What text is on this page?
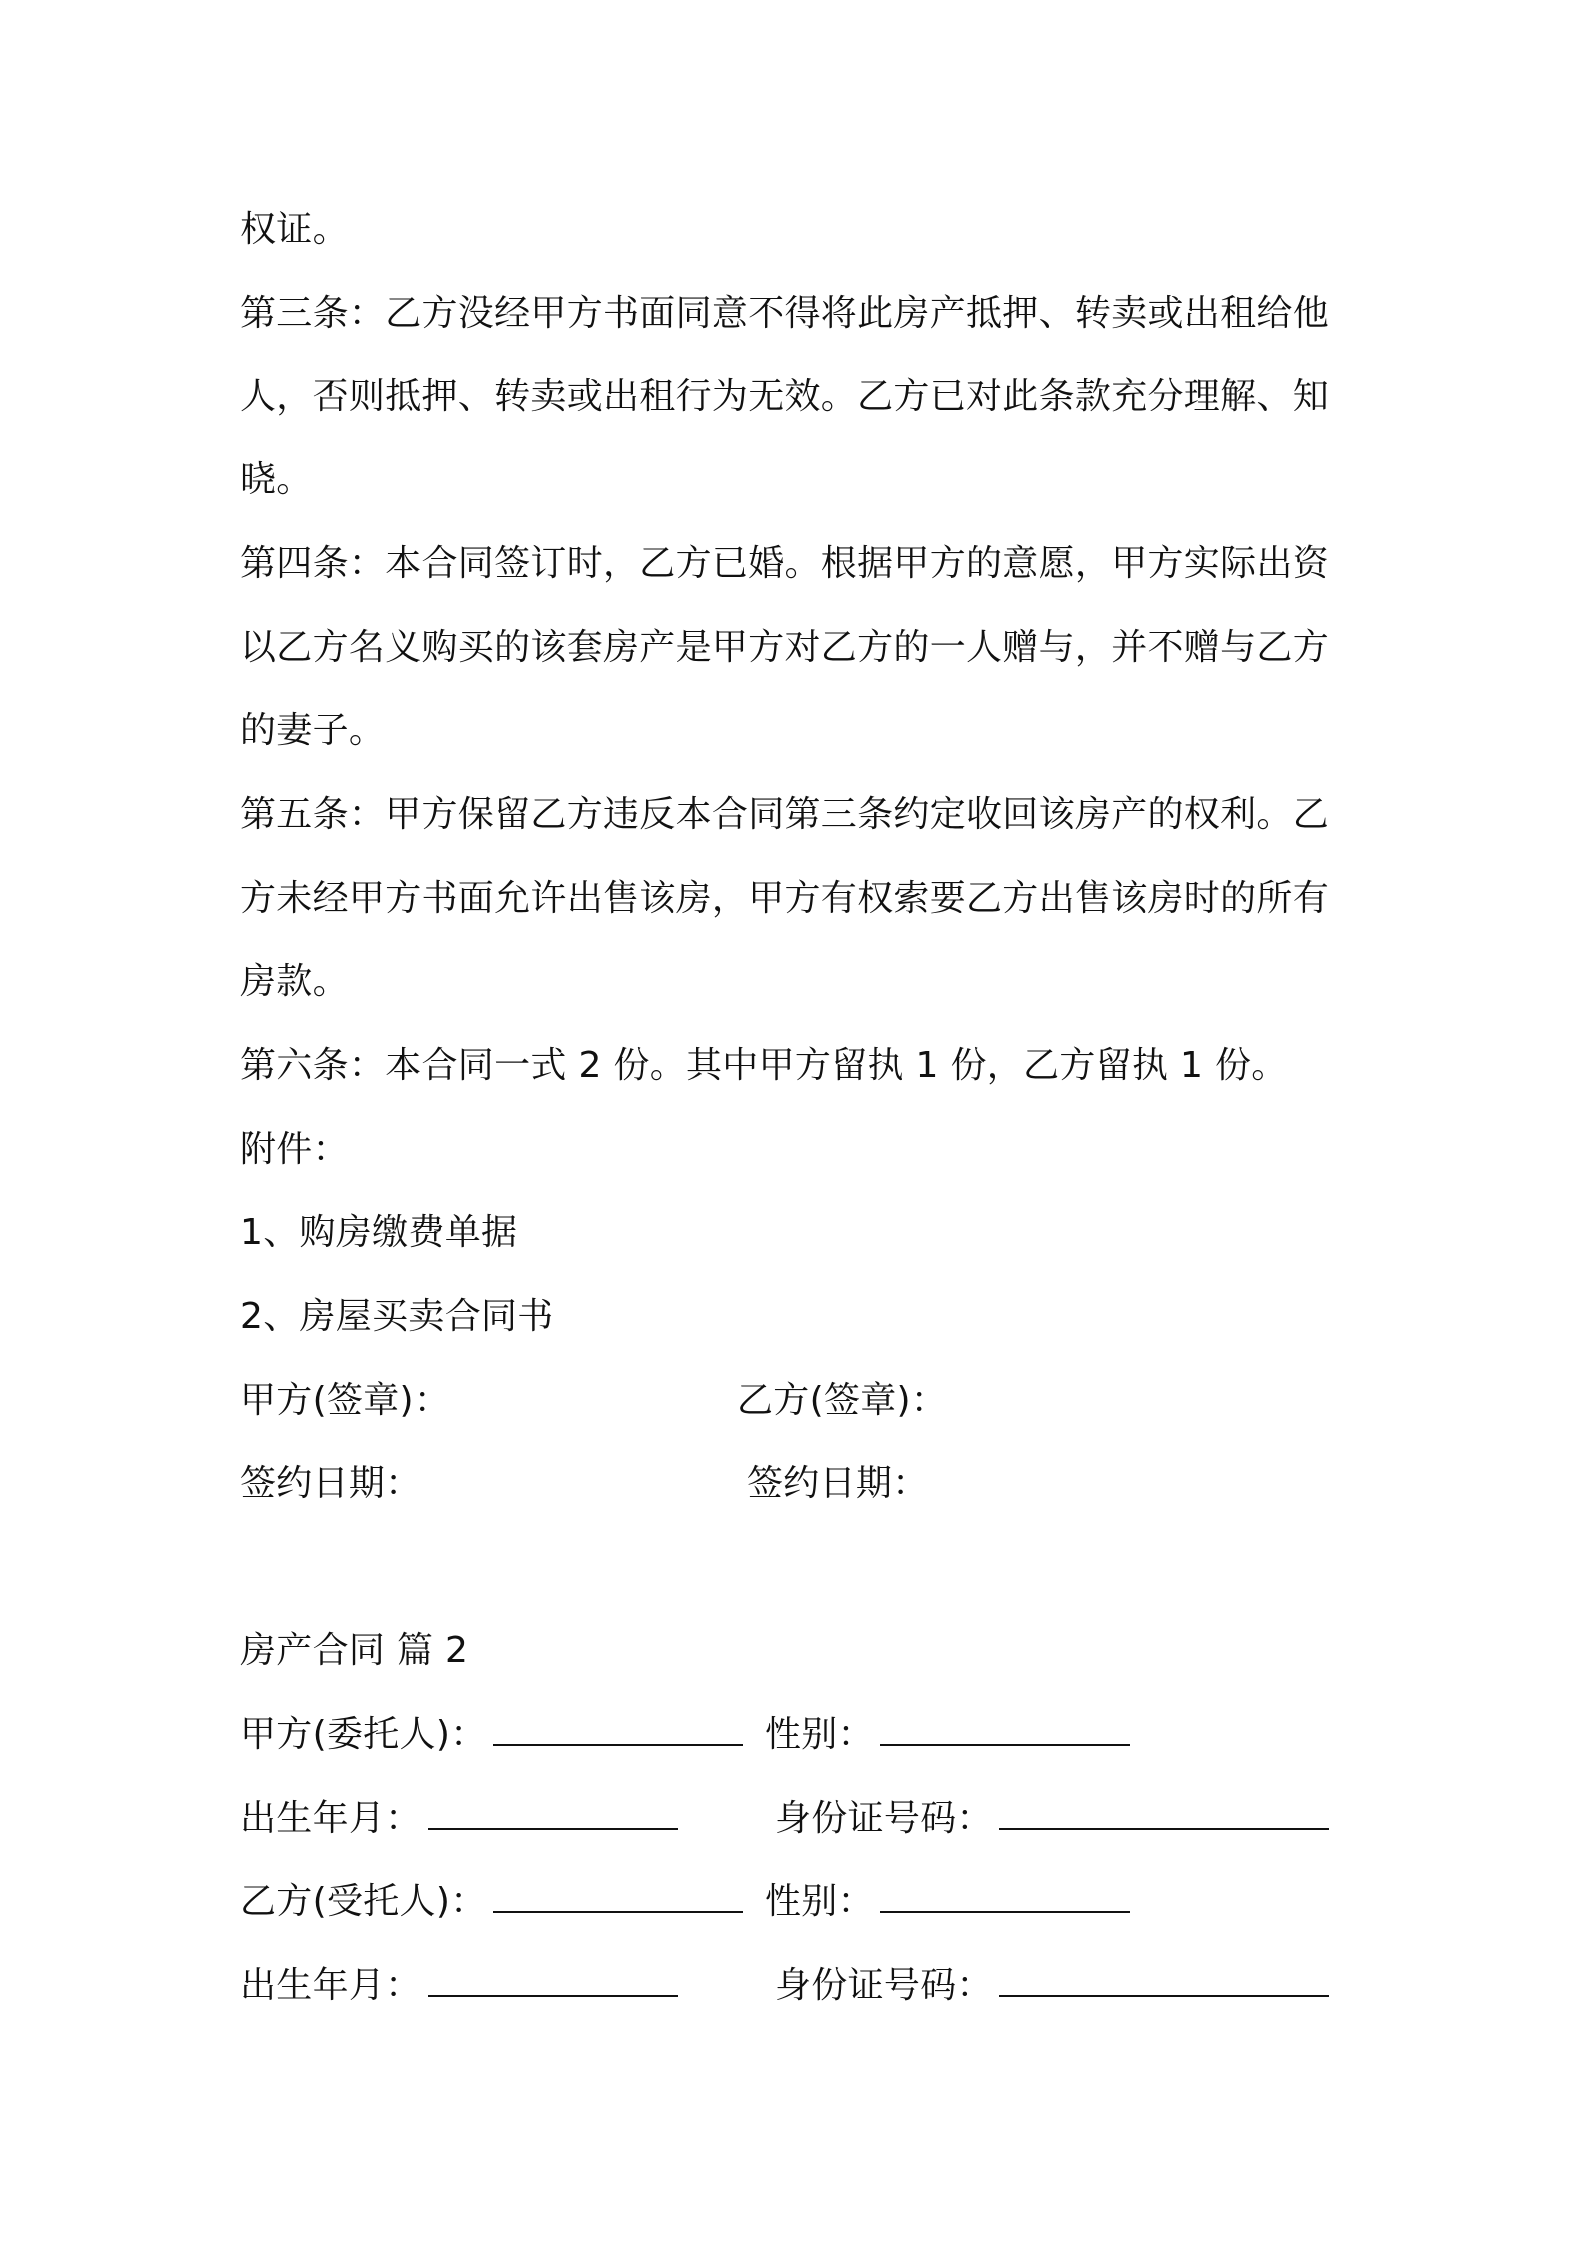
权证。
第三条：乙方没经甲方书面同意不得将此房产抵押、转卖或出租给他
人，否则抵押、转卖或出租行为无效。乙方已对此条款充分理解、知
晓。
第四条：本合同签订时，乙方已婚。根据甲方的意愿，甲方实际出资
以乙方名义购买的该套房产是甲方对乙方的一人赠与，并不赠与乙方
的妻子。
第五条：甲方保留乙方违反本合同第三条约定收回该房产的权利。乙
方未经甲方书面允许出售该房，甲方有权索要乙方出售该房时的所有
房款。
第六条：本合同一式 2 份。其中甲方留执 1 份，乙方留执 1 份。
附件：
1、购房缴费单据
2、房屋买卖合同书
甲方(签章)：	乙方(签章)：
签约日期：	签约日期：
房产合同 篇 2
甲方(委托人)：	性别：
出生年月：	身份证号码：
乙方(受托人)：	性别：
出生年月：	身份证号码：
